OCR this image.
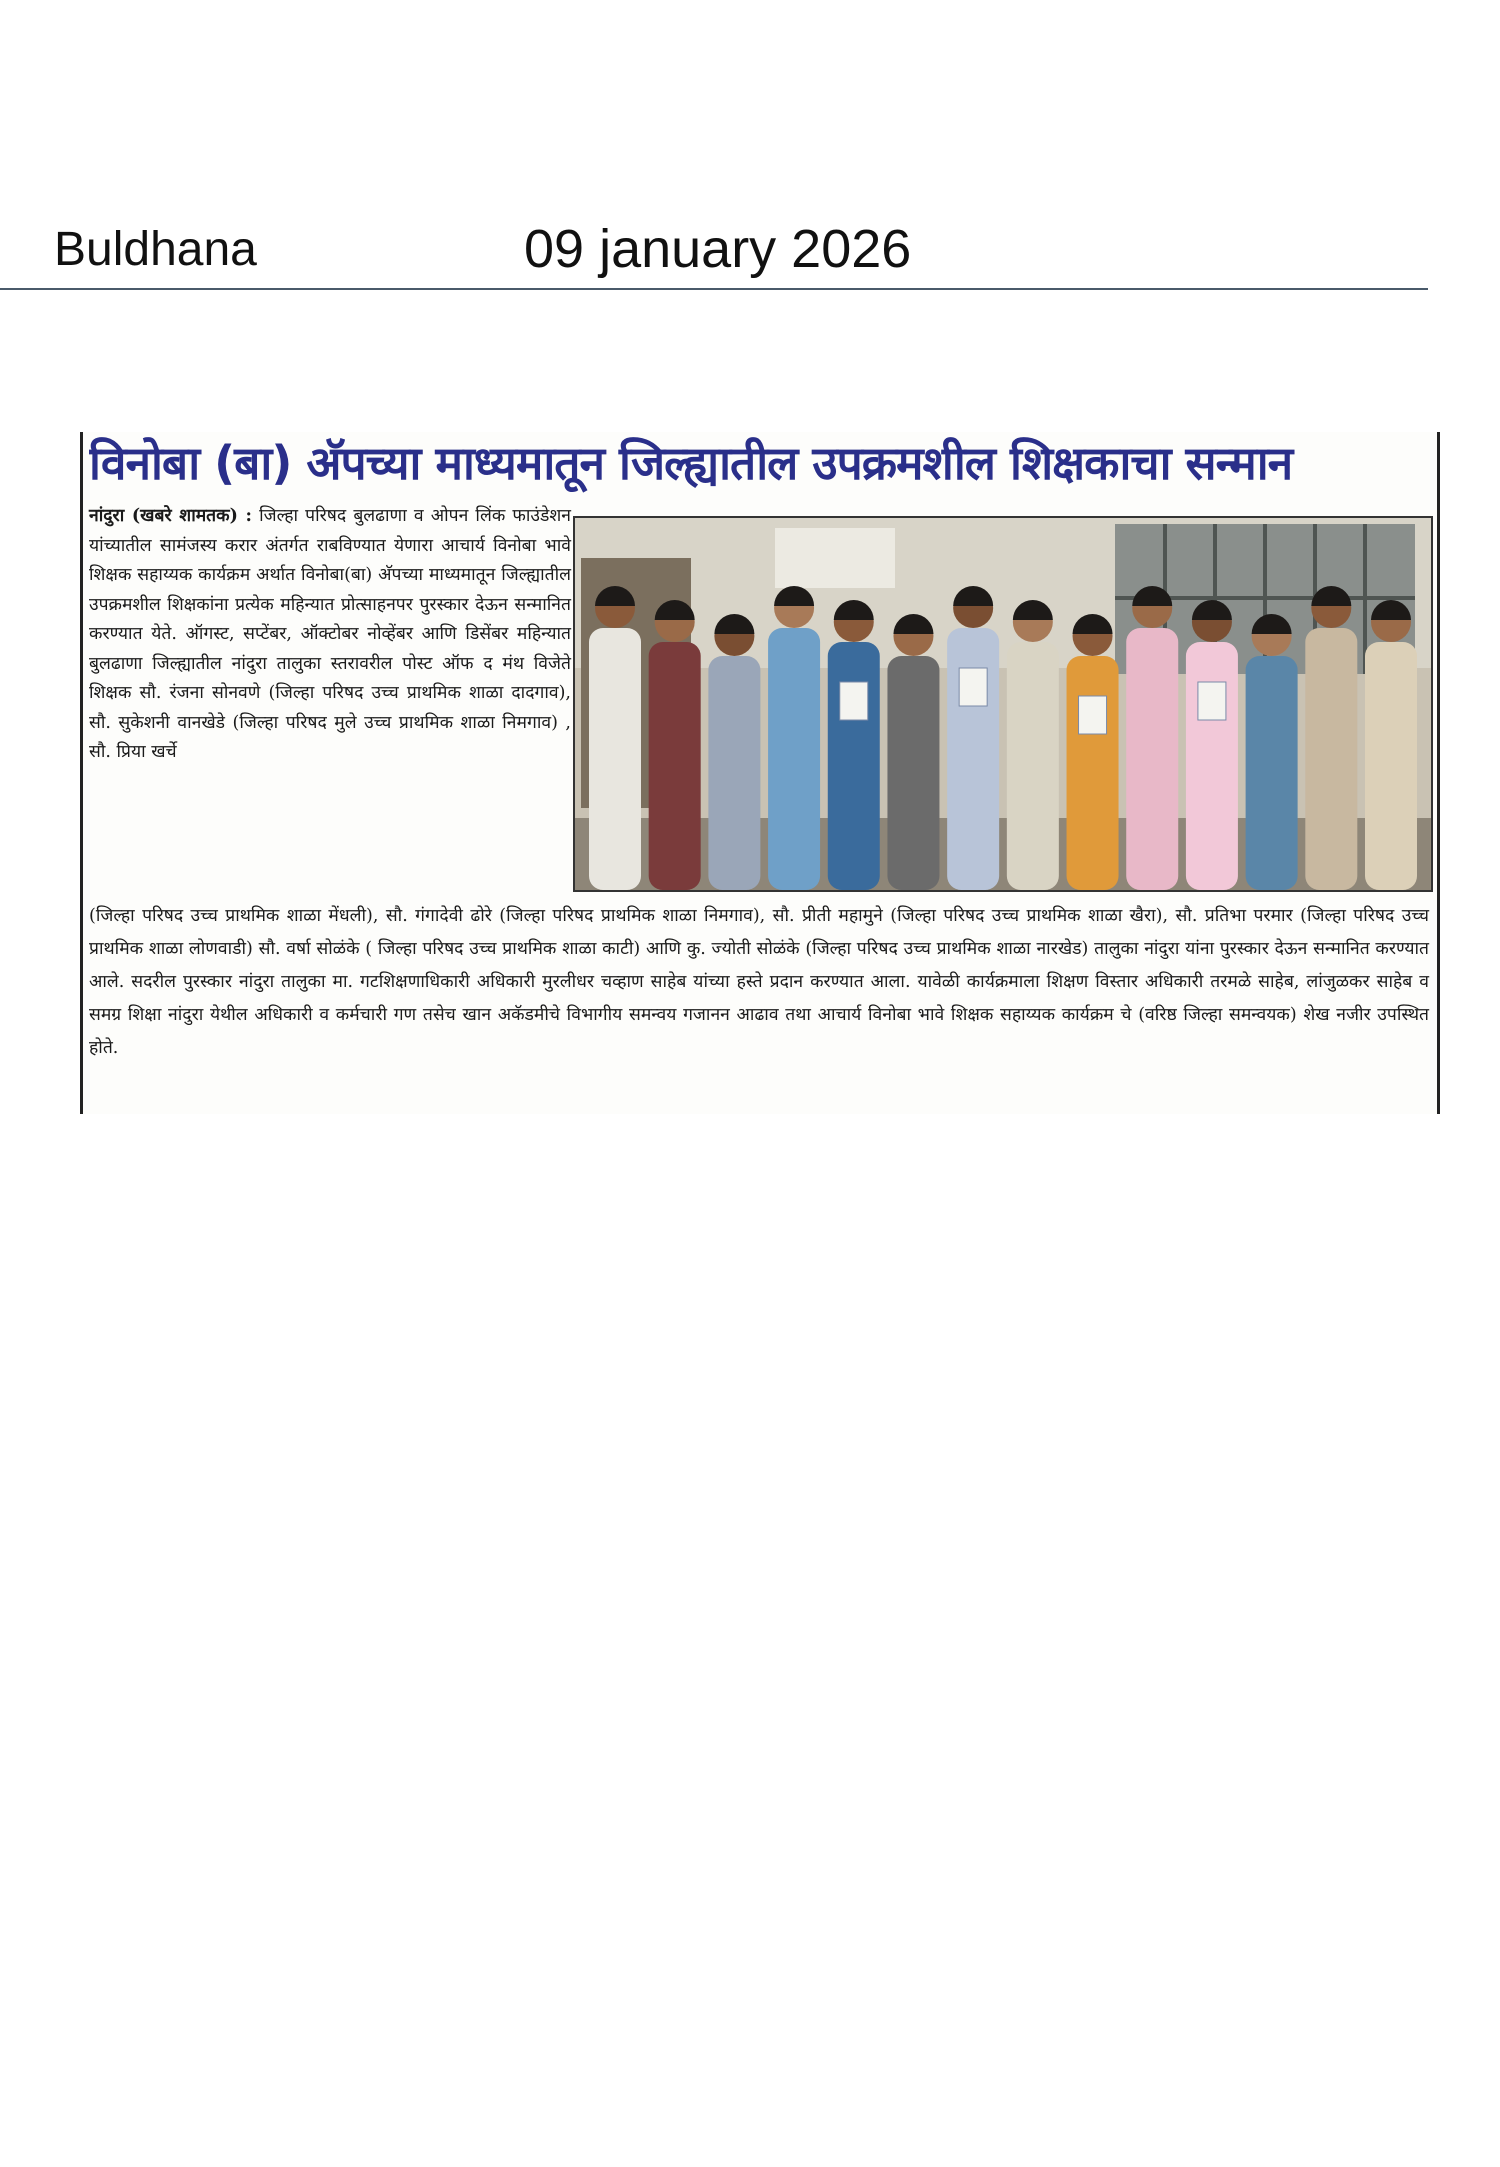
Buldhana	09 january 2026
विनोबा (बा) अ‍ॅपच्या माध्यमातून जिल्ह्यातील उपक्रमशील शिक्षकाचा सन्मान
नांदुरा (खबरे शामतक) : जिल्हा परिषद बुलढाणा व ओपन लिंक फाउंडेशन यांच्यातील सामंजस्य करार अंतर्गत राबविण्यात येणारा आचार्य विनोबा भावे शिक्षक सहाय्यक कार्यक्रम अर्थात विनोबा(बा) अ‍ॅपच्या माध्यमातून जिल्ह्यातील उपक्रमशील शिक्षकांना प्रत्येक महिन्यात प्रोत्साहनपर पुरस्कार देऊन सन्मानित करण्यात येते. ऑगस्ट, सप्टेंबर, ऑक्टोबर नोव्हेंबर आणि डिसेंबर महिन्यात बुलढाणा जिल्ह्यातील नांदुरा तालुका स्तरावरील पोस्ट ऑफ द मंथ विजेते शिक्षक सौ. रंजना सोनवणे (जिल्हा परिषद उच्च प्राथमिक शाळा दादगाव), सौ. सुकेशनी वानखेडे (जिल्हा परिषद मुले उच्च प्राथमिक शाळा निमगाव) , सौ. प्रिया खर्चे
(जिल्हा परिषद उच्च प्राथमिक शाळा मेंधली), सौ. गंगादेवी ढोरे (जिल्हा परिषद प्राथमिक शाळा निमगाव), सौ. प्रीती महामुने (जिल्हा परिषद उच्च प्राथमिक शाळा खैरा), सौ. प्रतिभा परमार (जिल्हा परिषद उच्च प्राथमिक शाळा लोणवाडी) सौ. वर्षा सोळंके ( जिल्हा परिषद उच्च प्राथमिक शाळा काटी) आणि कु. ज्योती सोळंके (जिल्हा परिषद उच्च प्राथमिक शाळा नारखेड) तालुका नांदुरा यांना पुरस्कार देऊन सन्मानित करण्यात आले. सदरील पुरस्कार नांदुरा तालुका मा. गटशिक्षणाधिकारी अधिकारी मुरलीधर चव्हाण साहेब यांच्या हस्ते प्रदान करण्यात आला. यावेळी कार्यक्रमाला शिक्षण विस्तार अधिकारी तरमळे साहेब, लांजुळकर साहेब व समग्र शिक्षा नांदुरा येथील अधिकारी व कर्मचारी गण तसेच खान अकॅडमीचे विभागीय समन्वय गजानन आढाव तथा आचार्य विनोबा भावे शिक्षक सहाय्यक कार्यक्रम चे (वरिष्ठ जिल्हा समन्वयक) शेख नजीर उपस्थित होते.
